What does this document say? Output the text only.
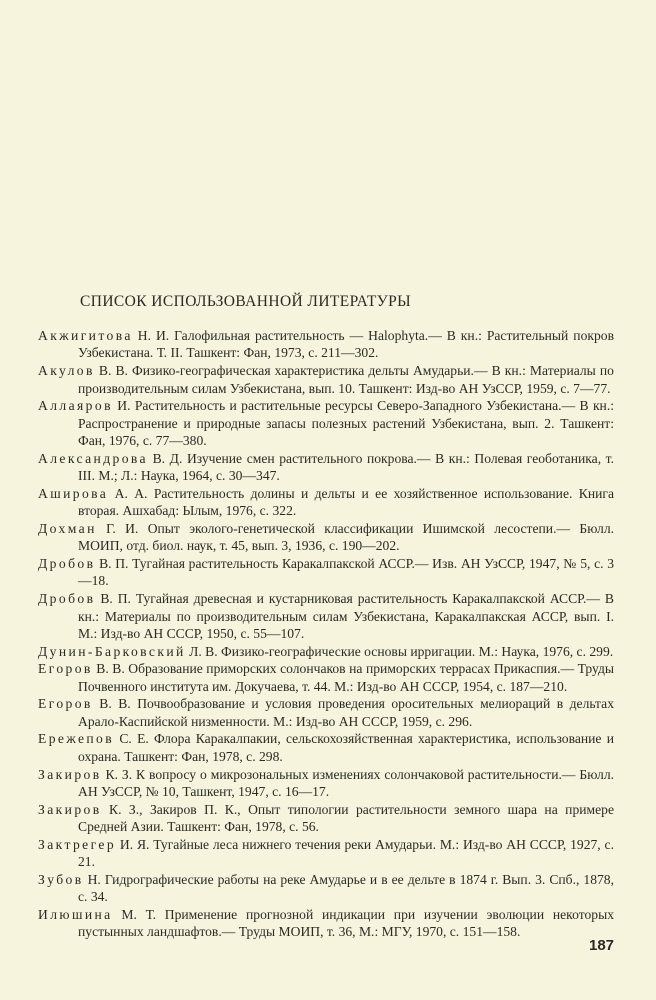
СПИСОК ИСПОЛЬЗОВАННОЙ ЛИТЕРАТУРЫ

Акжигитова Н. И. Галофильная растительность — Halophyta.— В кн.: Растительный покров Узбекистана. Т. II. Ташкент: Фан, 1973, с. 211—302.

Акулов В. В. Физико-географическая характеристика дельты Амударьи.— В кн.: Материалы по производительным силам Узбекистана, вып. 10. Ташкент: Изд-во АН УзССР, 1959, с. 7—77.

Аллаяров И. Растительность и растительные ресурсы Северо-Западного Узбекистана.— В кн.: Распространение и природные запасы полезных растений Узбекистана, вып. 2. Ташкент: Фан, 1976, с. 77—380.

Александрова В. Д. Изучение смен растительного покрова.— В кн.: Полевая геоботаника, т. III. М.; Л.: Наука, 1964, с. 30—347.

Аширова А. А. Растительность долины и дельты и ее хозяйственное использование. Книга вторая. Ашхабад: Ылым, 1976, с. 322.

Дохман Г. И. Опыт эколого-генетической классификации Ишимской лесостепи.— Бюлл. МОИП, отд. биол. наук, т. 45, вып. 3, 1936, с. 190—202.

Дробов В. П. Тугайная растительность Каракалпакской АССР.— Изв. АН УзССР, 1947, № 5, с. 3—18.

Дробов В. П. Тугайная древесная и кустарниковая растительность Каракалпакской АССР.— В кн.: Материалы по производительным силам Узбекистана, Каракалпакская АССР, вып. I. М.: Изд-во АН СССР, 1950, с. 55—107.

Дунин-Барковский Л. В. Физико-географические основы ирригации. М.: Наука, 1976, с. 299.

Егоров В. В. Образование приморских солончаков на приморских террасах Прикаспия.— Труды Почвенного института им. Докучаева, т. 44. М.: Изд-во АН СССР, 1954, с. 187—210.

Егоров В. В. Почвообразование и условия проведения оросительных мелиораций в дельтах Арало-Каспийской низменности. М.: Изд-во АН СССР, 1959, с. 296.

Ережепов С. Е. Флора Каракалпакии, сельскохозяйственная характеристика, использование и охрана. Ташкент: Фан, 1978, с. 298.

Закиров К. З. К вопросу о микрозональных изменениях солончаковой растительности.— Бюлл. АН УзССР, № 10, Ташкент, 1947, с. 16—17.

Закиров К. З., Закиров П. К., Опыт типологии растительности земного шара на примере Средней Азии. Ташкент: Фан, 1978, с. 56.

Зактрегер И. Я. Тугайные леса нижнего течения реки Амударьи. М.: Изд-во АН СССР, 1927, с. 21.

Зубов Н. Гидрографические работы на реке Амударье и в ее дельте в 1874 г. Вып. 3. Спб., 1878, с. 34.

Илюшина М. Т. Применение прогнозной индикации при изучении эволюции некоторых пустынных ландшафтов.— Труды МОИП, т. 36, М.: МГУ, 1970, с. 151—158.

187
